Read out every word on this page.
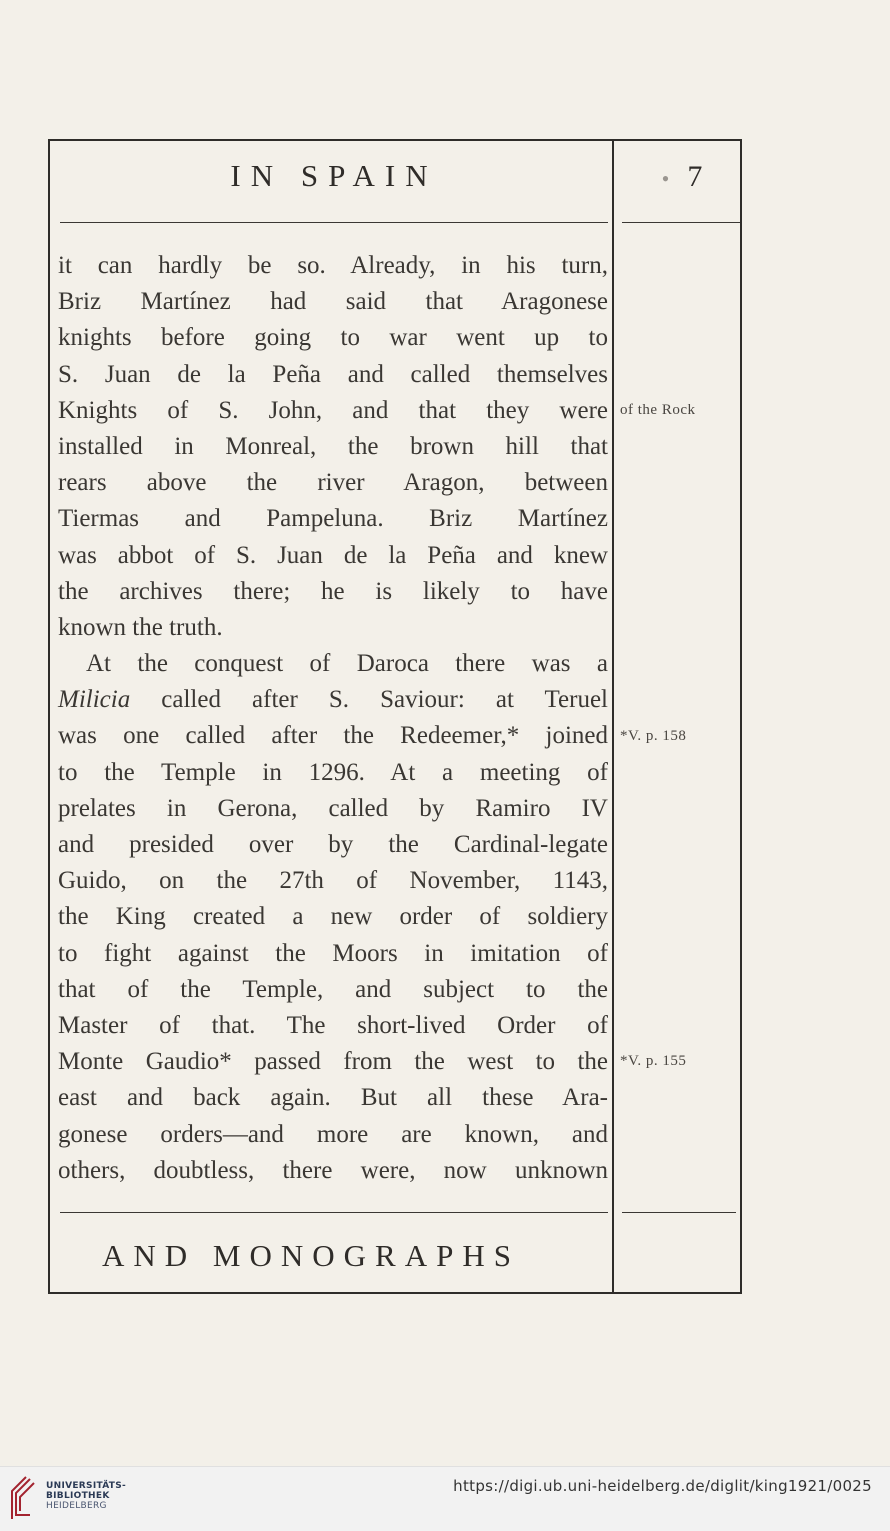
IN SPAIN	• 7
it can hardly be so. Already, in his turn,
Briz Martínez had said that Aragonese
knights before going to war went up to
S. Juan de la Peña and called themselves
Knights of S. John, and that they were
installed in Monreal, the brown hill that
rears above the river Aragon, between
Tiermas and Pampeluna. Briz Martínez
was abbot of S. Juan de la Peña and knew
the archives there; he is likely to have
known the truth.
At the conquest of Daroca there was a
Milicia called after S. Saviour: at Teruel
was one called after the Redeemer,* joined
to the Temple in 1296. At a meeting of
prelates in Gerona, called by Ramiro IV
and presided over by the Cardinal-legate
Guido, on the 27th of November, 1143,
the King created a new order of soldiery
to fight against the Moors in imitation of
that of the Temple, and subject to the
Master of that. The short-lived Order of
Monte Gaudio* passed from the west to the
east and back again. But all these Ara-
gonese orders—and more are known, and
others, doubtless, there were, now unknown
of the Rock
*V. p. 158
*V. p. 155
AND MONOGRAPHS
UNIVERSITÄTS-
BIBLIOTHEK
HEIDELBERG
https://digi.ub.uni-heidelberg.de/diglit/king1921/0025
